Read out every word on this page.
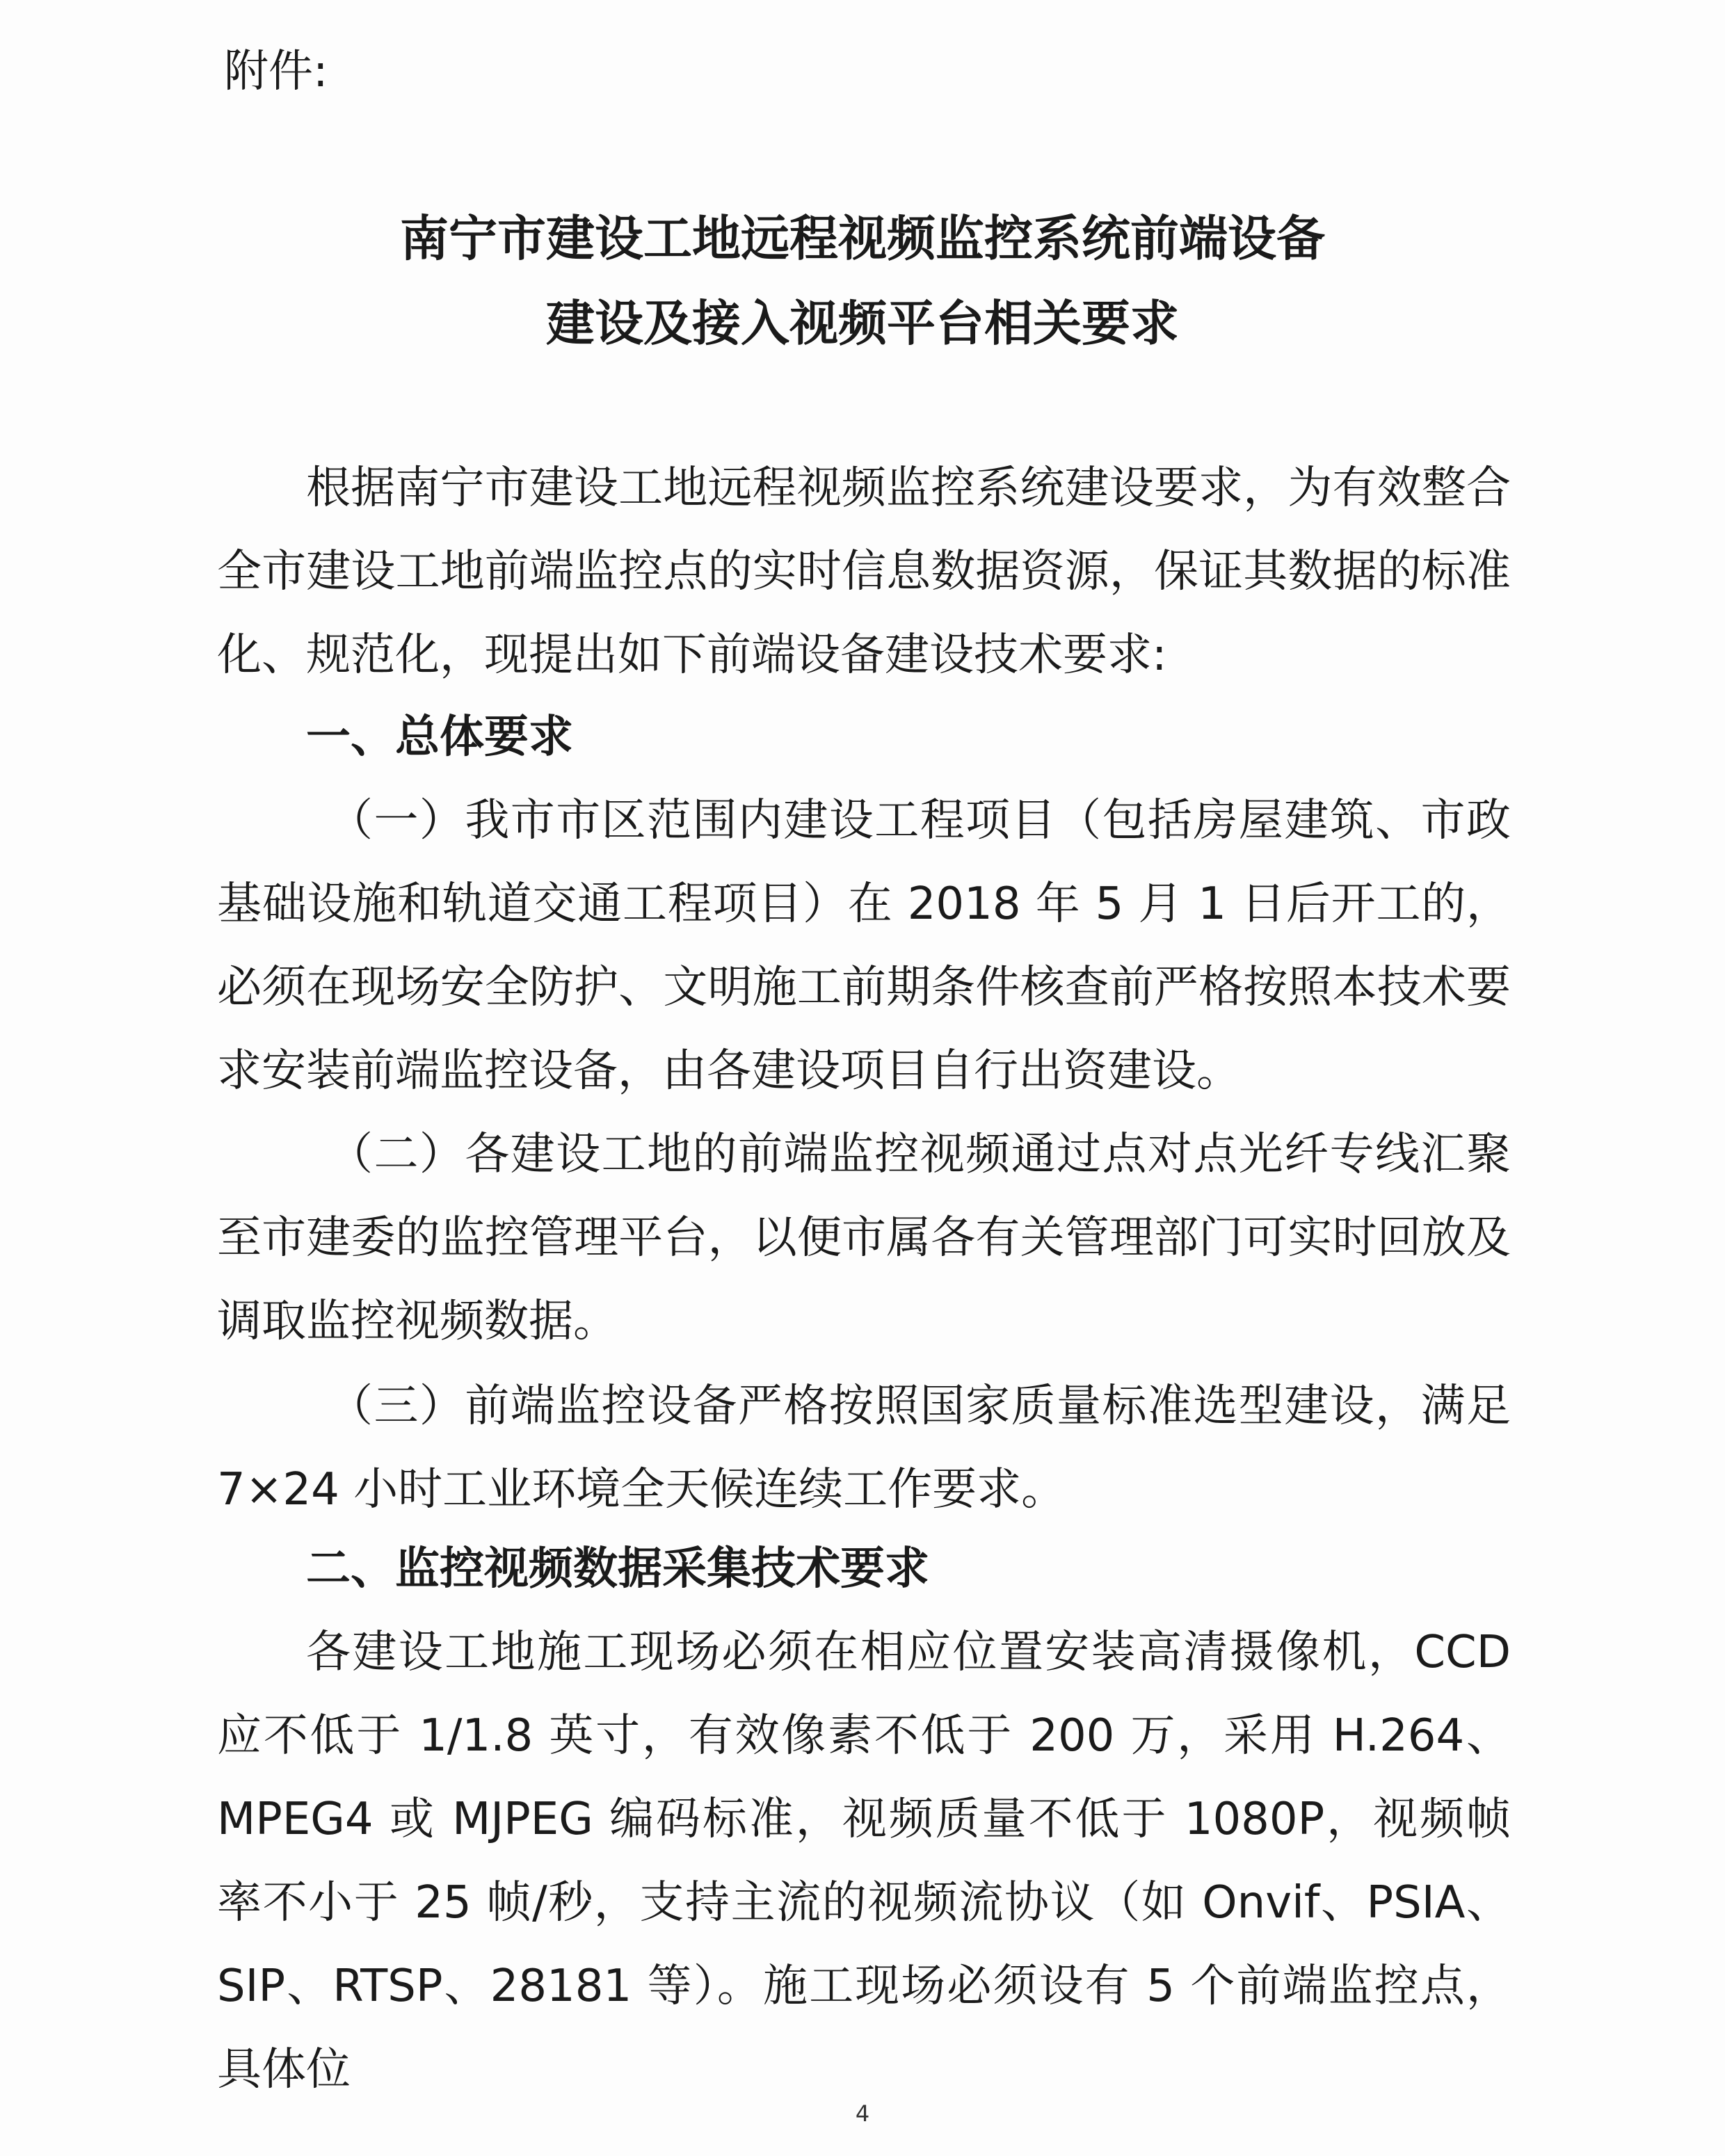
附件:
南宁市建设工地远程视频监控系统前端设备
建设及接入视频平台相关要求
根据南宁市建设工地远程视频监控系统建设要求，为有效整合全市建设工地前端监控点的实时信息数据资源，保证其数据的标准化、规范化，现提出如下前端设备建设技术要求:
一、总体要求
（一）我市市区范围内建设工程项目（包括房屋建筑、市政基础设施和轨道交通工程项目）在 2018 年 5 月 1 日后开工的，必须在现场安全防护、文明施工前期条件核查前严格按照本技术要求安装前端监控设备，由各建设项目自行出资建设。
（二）各建设工地的前端监控视频通过点对点光纤专线汇聚至市建委的监控管理平台，以便市属各有关管理部门可实时回放及调取监控视频数据。
（三）前端监控设备严格按照国家质量标准选型建设，满足 7×24 小时工业环境全天候连续工作要求。
二、监控视频数据采集技术要求
各建设工地施工现场必须在相应位置安装高清摄像机，CCD 应不低于 1/1.8 英寸，有效像素不低于 200 万，采用 H.264、MPEG4 或 MJPEG 编码标准，视频质量不低于 1080P，视频帧率不小于 25 帧/秒，支持主流的视频流协议（如 Onvif、PSIA、SIP、RTSP、28181 等）。施工现场必须设有 5 个前端监控点，具体位
4
